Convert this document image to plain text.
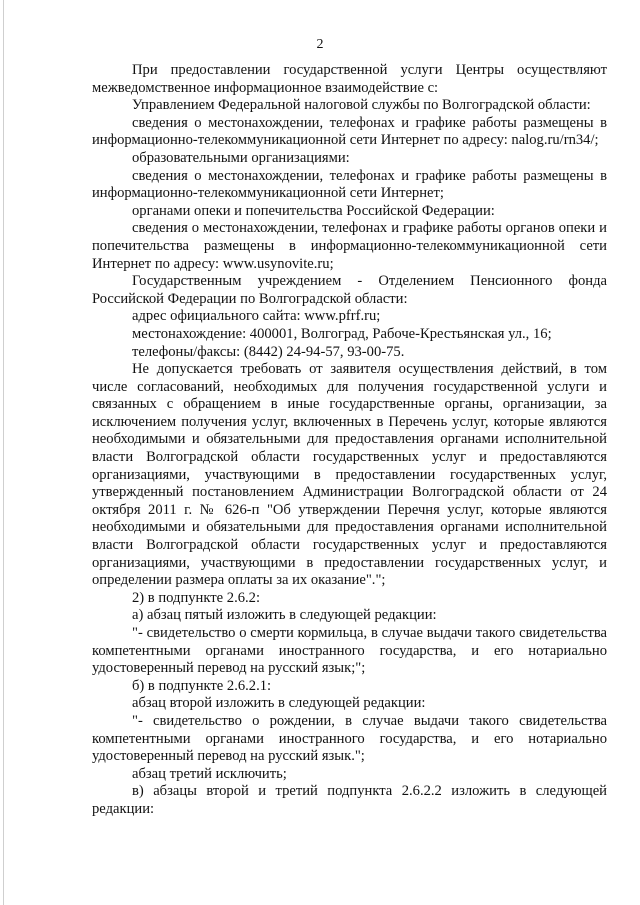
2

При предоставлении государственной услуги Центры осуществляют межведомственное информационное взаимодействие с:

Управлением Федеральной налоговой службы по Волгоградской области:

сведения о местонахождении, телефонах и графике работы размещены в информационно-телекоммуникационной сети Интернет по адресу: nalog.ru/rn34/;

образовательными организациями:

сведения о местонахождении, телефонах и графике работы размещены в информационно-телекоммуникационной сети Интернет;

органами опеки и попечительства Российской Федерации:

сведения о местонахождении, телефонах и графике работы органов опеки и попечительства размещены в информационно-телекоммуникационной сети Интернет по адресу: www.usynovite.ru;

Государственным учреждением - Отделением Пенсионного фонда Российской Федерации по Волгоградской области:

адрес официального сайта: www.pfrf.ru;

местонахождение: 400001, Волгоград, Рабоче-Крестьянская ул., 16;

телефоны/факсы: (8442) 24-94-57, 93-00-75.

Не допускается требовать от заявителя осуществления действий, в том числе согласований, необходимых для получения государственной услуги и связанных с обращением в иные государственные органы, организации, за исключением получения услуг, включенных в Перечень услуг, которые являются необходимыми и обязательными для предоставления органами исполнительной власти Волгоградской области государственных услуг и предоставляются организациями, участвующими в предоставлении государственных услуг, утвержденный постановлением Администрации Волгоградской области от 24 октября 2011 г. № 626-п "Об утверждении Перечня услуг, которые являются необходимыми и обязательными для предоставления органами исполнительной власти Волгоградской области государственных услуг и предоставляются организациями, участвующими в предоставлении государственных услуг, и определении размера оплаты за их оказание".";

2) в подпункте 2.6.2:

а) абзац пятый изложить в следующей редакции:

"- свидетельство о смерти кормильца, в случае выдачи такого свидетельства компетентными органами иностранного государства, и его нотариально удостоверенный перевод на русский язык;";

б) в подпункте 2.6.2.1:

абзац второй изложить в следующей редакции:

"- свидетельство о рождении, в случае выдачи такого свидетельства компетентными органами иностранного государства, и его нотариально удостоверенный перевод на русский язык.";

абзац третий исключить;

в) абзацы второй и третий подпункта 2.6.2.2 изложить в следующей редакции:
